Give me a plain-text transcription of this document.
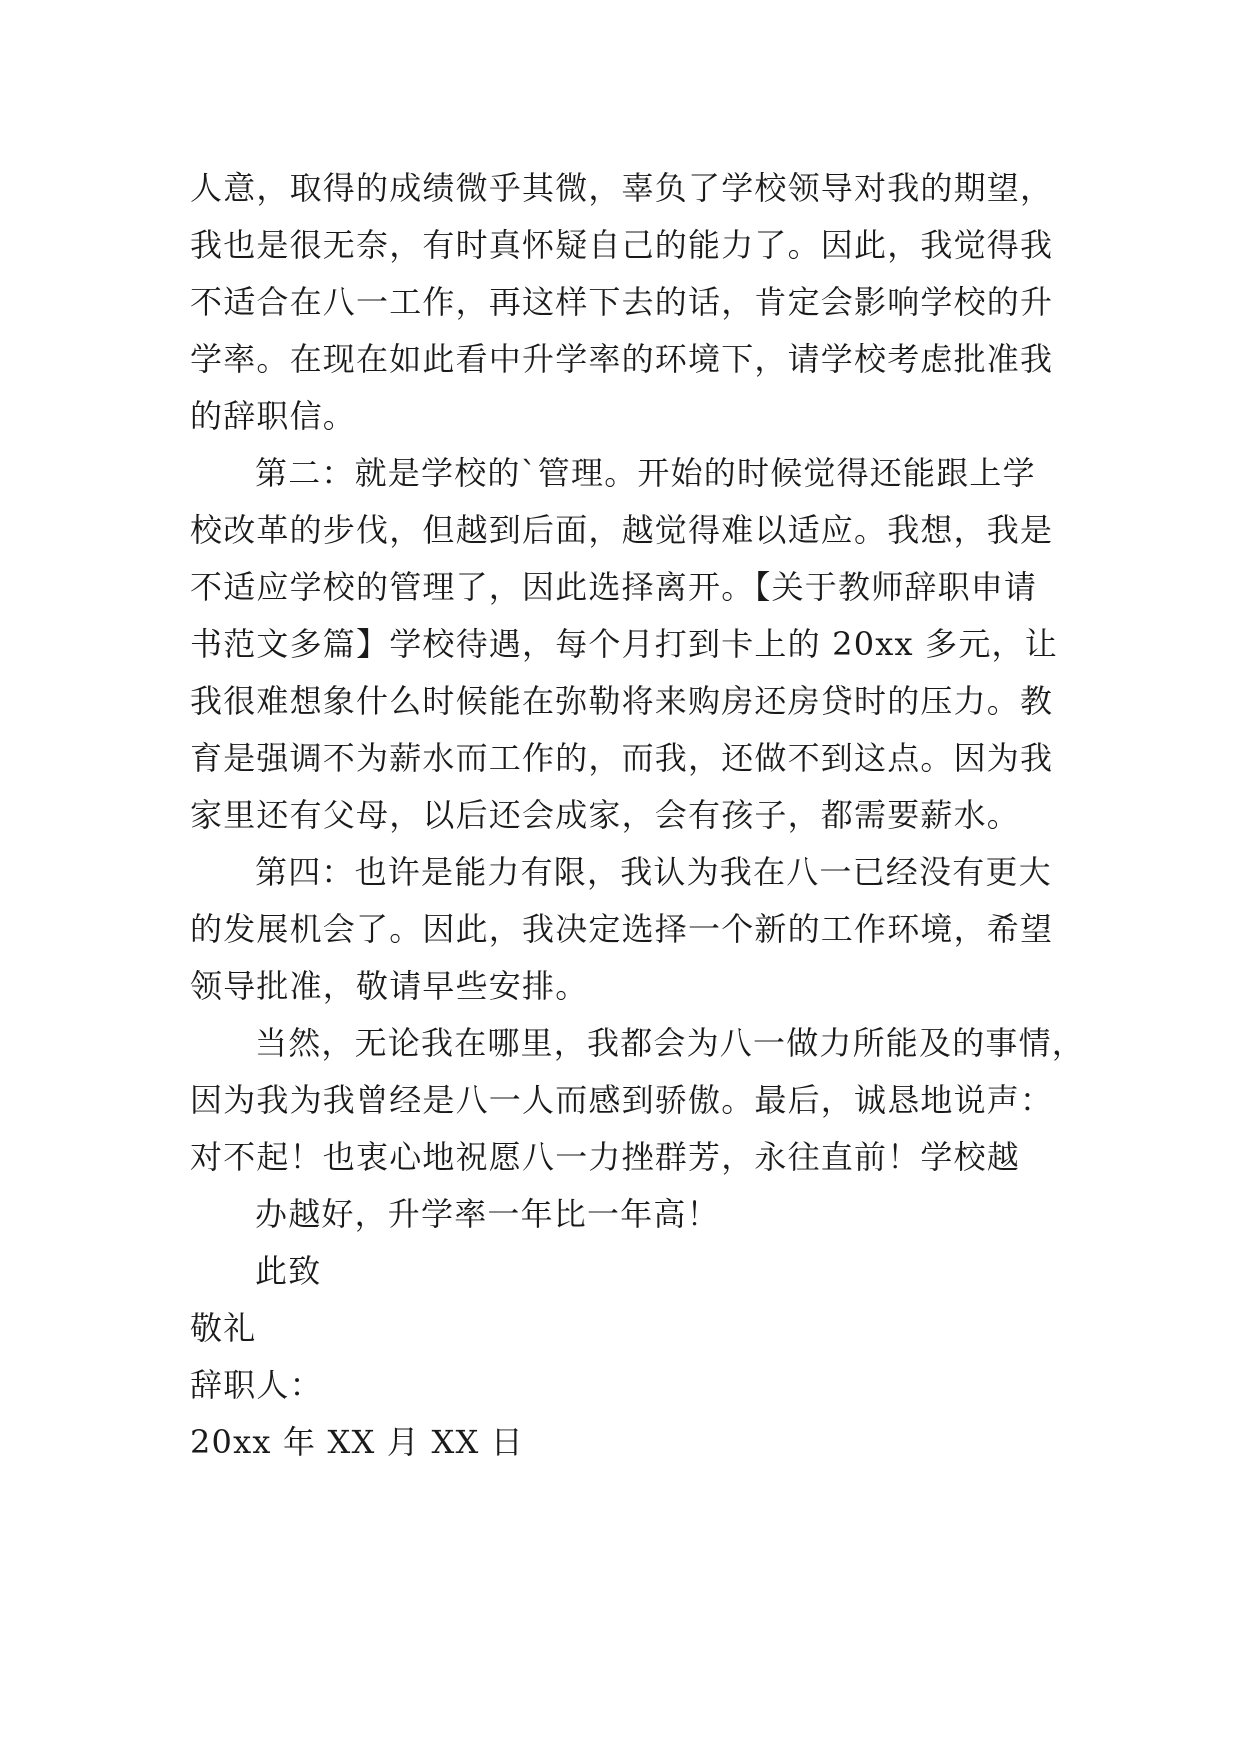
人意，取得的成绩微乎其微，辜负了学校领导对我的期望，
我也是很无奈，有时真怀疑自己的能力了。因此，我觉得我
不适合在八一工作，再这样下去的话，肯定会影响学校的升
学率。在现在如此看中升学率的环境下，请学校考虑批准我
的辞职信。
第二：就是学校的`管理。开始的时候觉得还能跟上学
校改革的步伐，但越到后面，越觉得难以适应。我想，我是
不适应学校的管理了，因此选择离开。【关于教师辞职申请
书范文多篇】学校待遇，每个月打到卡上的 20xx 多元，让
我很难想象什么时候能在弥勒将来购房还房贷时的压力。教
育是强调不为薪水而工作的，而我，还做不到这点。因为我
家里还有父母，以后还会成家，会有孩子，都需要薪水。
第四：也许是能力有限，我认为我在八一已经没有更大
的发展机会了。因此，我决定选择一个新的工作环境，希望
领导批准，敬请早些安排。
当然，无论我在哪里，我都会为八一做力所能及的事情，
因为我为我曾经是八一人而感到骄傲。最后，诚恳地说声：
对不起！也衷心地祝愿八一力挫群芳，永往直前！学校越
办越好，升学率一年比一年高！
此致
敬礼
辞职人：
20xx 年 XX 月 XX 日
